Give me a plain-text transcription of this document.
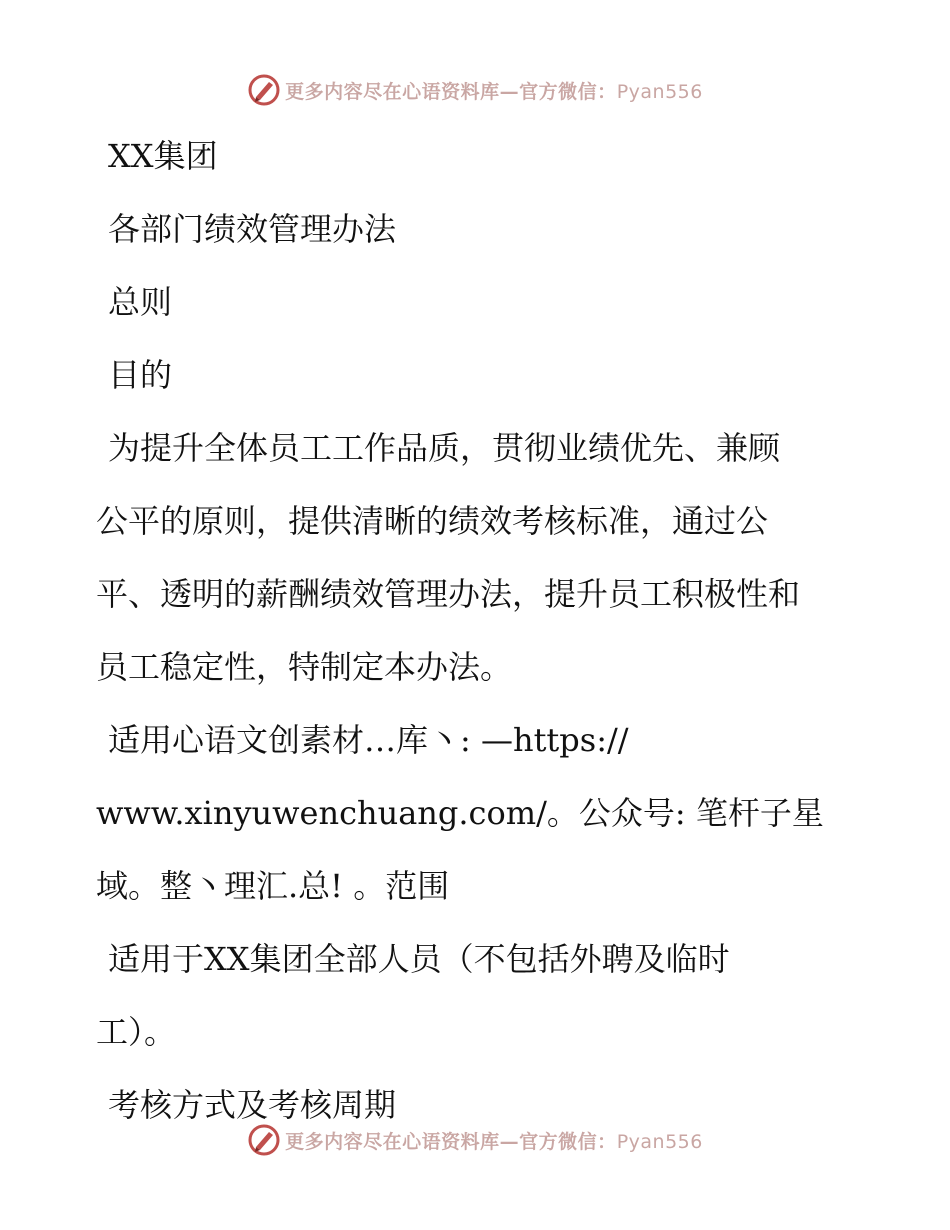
更多内容尽在心语资料库—官方微信：Pyan556
XX集团
各部门绩效管理办法
总则
目的
为提升全体员工工作品质，贯彻业绩优先、兼顾
公平的原则，提供清晰的绩效考核标准，通过公
平、透明的薪酬绩效管理办法，提升员工积极性和
员工稳定性，特制定本办法。
适用心语文创素材…库丶: —https://
www.xinyuwenchuang.com/。公众号: 笔杆子星
域。整丶理汇.总! 。范围
适用于XX集团全部人员（不包括外聘及临时
工）。
考核方式及考核周期
更多内容尽在心语资料库—官方微信：Pyan556
